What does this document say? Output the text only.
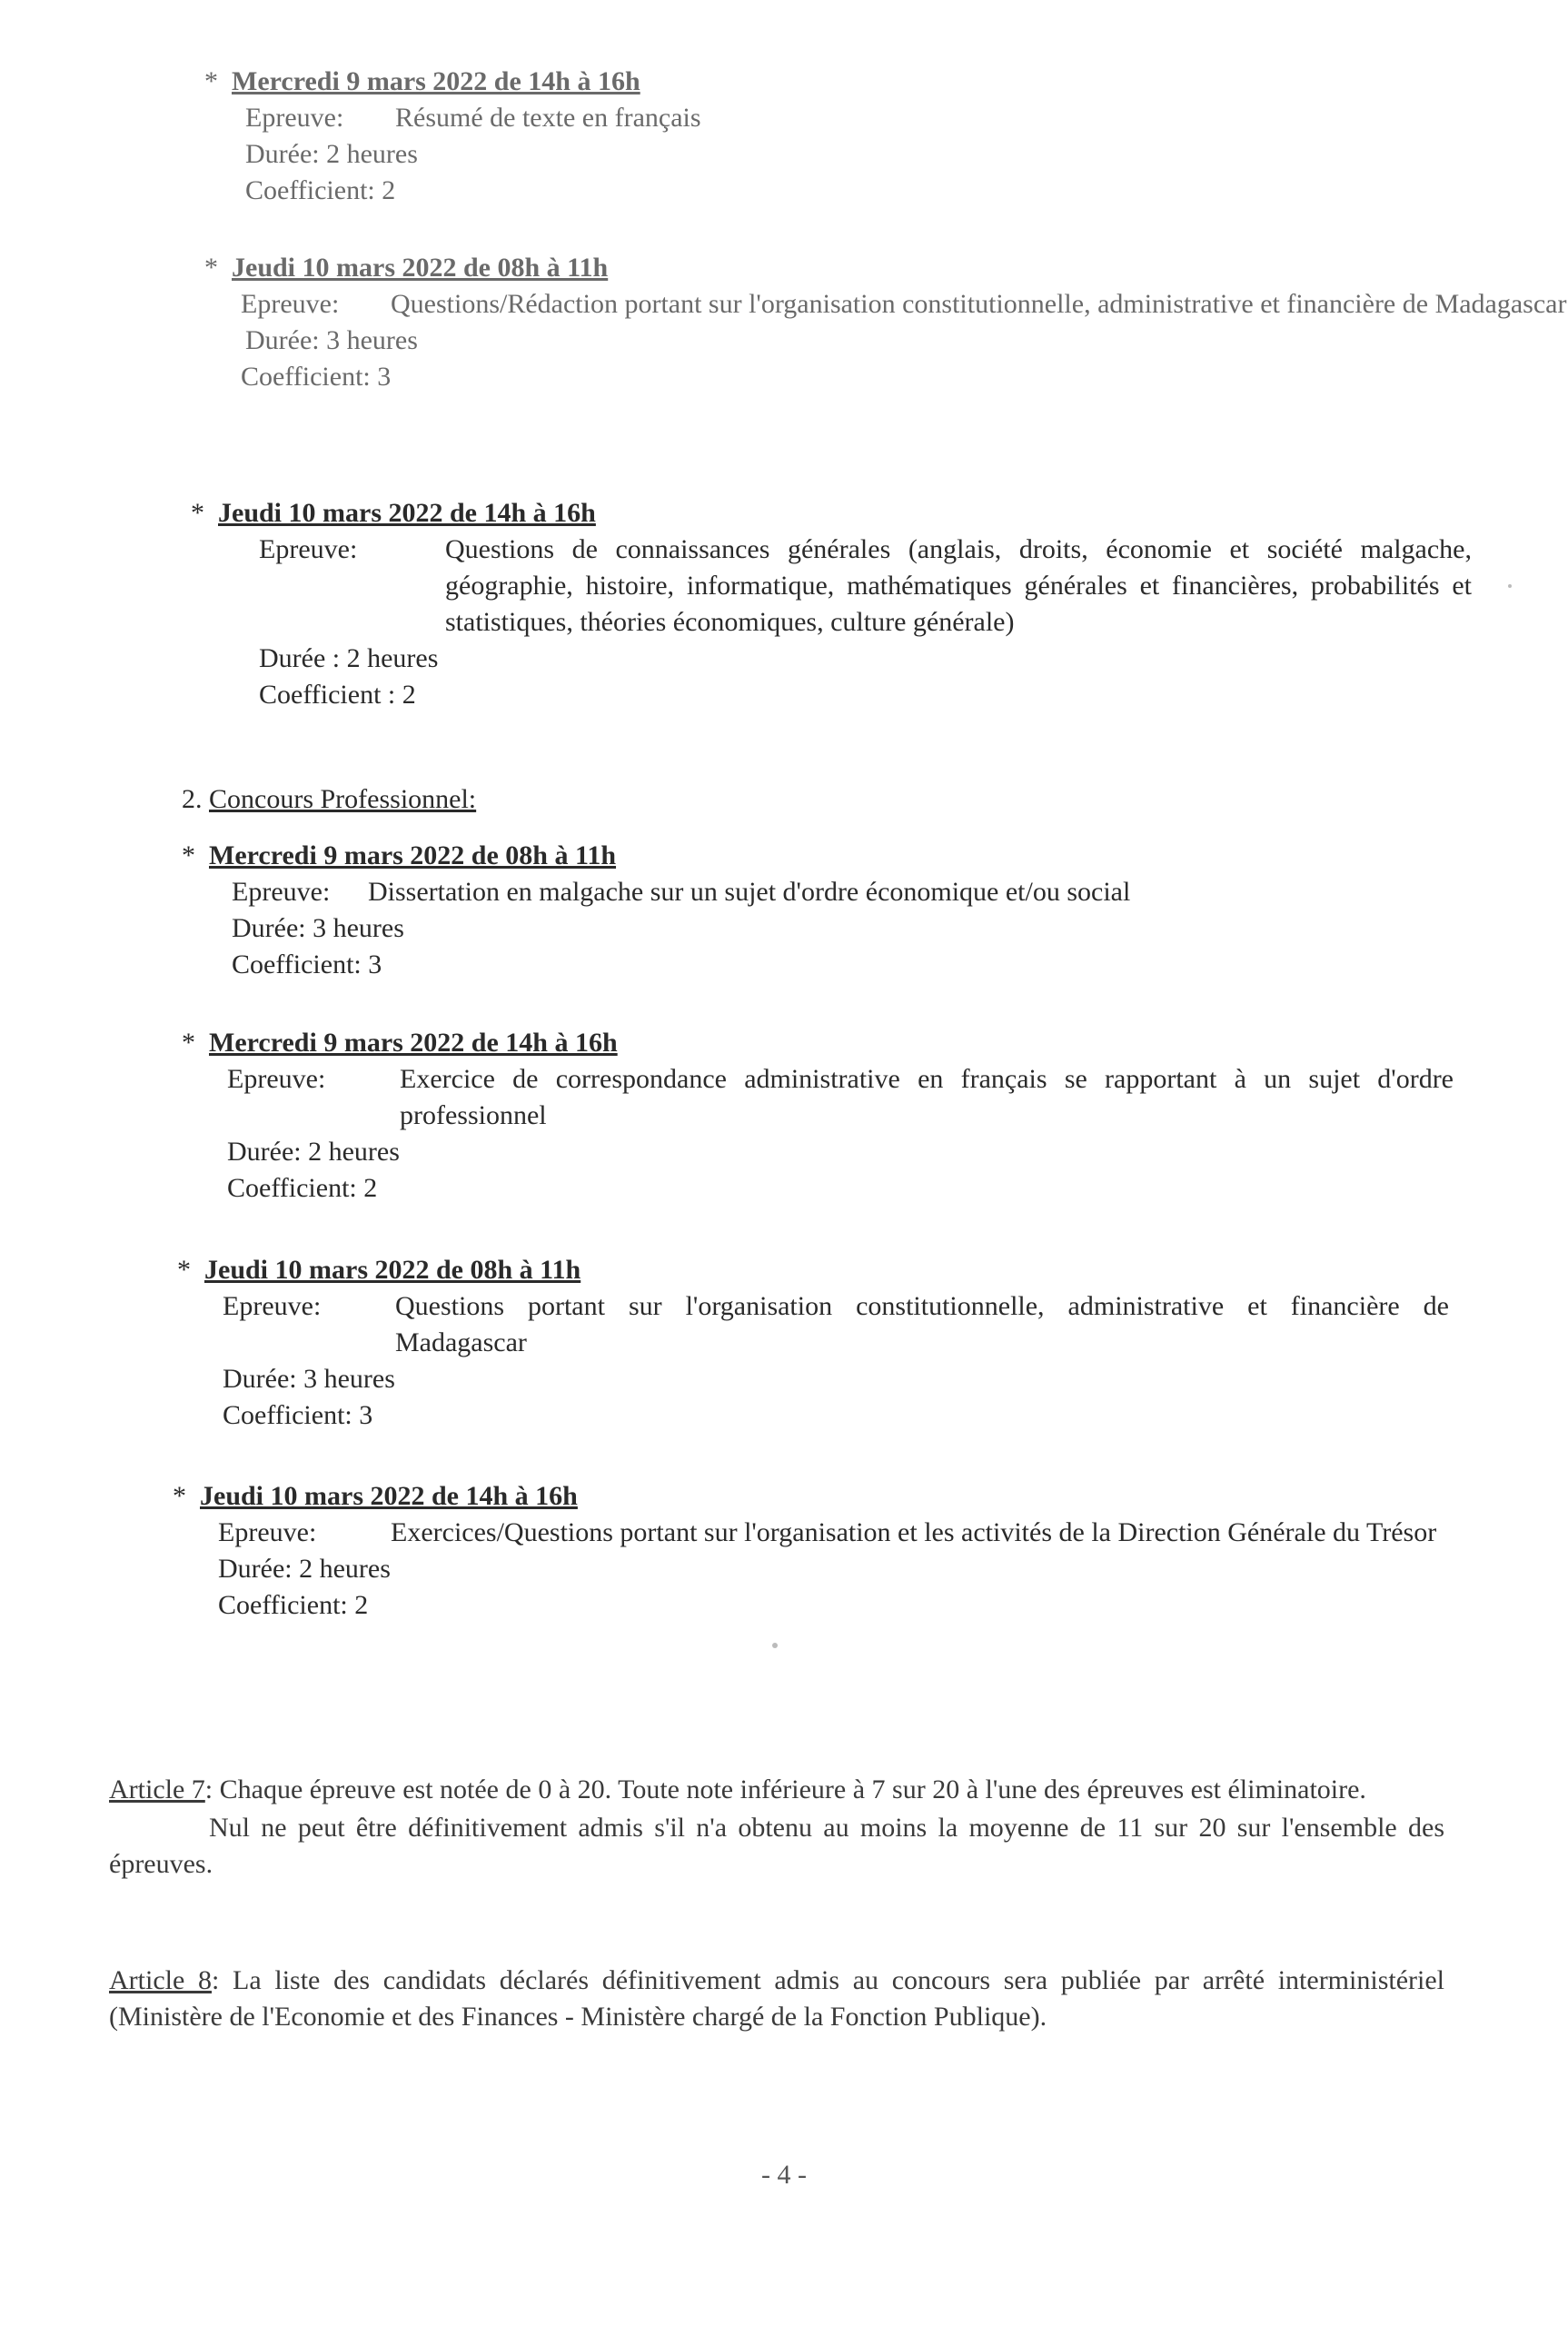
* Mercredi 9 mars 2022 de 14h à 16h

Epreuve: Résumé de texte en français
Durée: 2 heures
Coefficient: 2

* Jeudi 10 mars 2022 de 08h à 11h

Epreuve: Questions/Rédaction portant sur l'organisation constitutionnelle, administrative et financière de Madagascar
Durée: 3 heures
Coefficient: 3

* Jeudi 10 mars 2022 de 14h à 16h

Epreuve:	Questions de connaissances générales (anglais, droits, économie et société malgache, géographie, histoire, informatique, mathématiques générales et financières, probabilités et statistiques, théories économiques, culture générale)
Durée : 2 heures
Coefficient : 2
2. Concours Professionnel:

* Mercredi 9 mars 2022 de 08h à 11h

Epreuve: Dissertation en malgache sur un sujet d'ordre économique et/ou social
Durée: 3 heures
Coefficient: 3

* Mercredi 9 mars 2022 de 14h à 16h

Epreuve:	Exercice de correspondance administrative en français se rapportant à un sujet d'ordre professionnel
Durée: 2 heures
Coefficient: 2

* Jeudi 10 mars 2022 de 08h à 11h

Epreuve:	Questions portant sur l'organisation constitutionnelle, administrative et financière de Madagascar
Durée: 3 heures
Coefficient: 3

* Jeudi 10 mars 2022 de 14h à 16h

Epreuve:	Exercices/Questions portant sur l'organisation et les activités de la Direction Générale du Trésor
Durée: 2 heures
Coefficient: 2
Article 7: Chaque épreuve est notée de 0 à 20. Toute note inférieure à 7 sur 20 à l'une des épreuves est éliminatoire.
Nul ne peut être définitivement admis s'il n'a obtenu au moins la moyenne de 11 sur 20 sur l'ensemble des épreuves.
Article 8: La liste des candidats déclarés définitivement admis au concours sera publiée par arrêté interministériel (Ministère de l'Economie et des Finances - Ministère chargé de la Fonction Publique).
- 4 -
